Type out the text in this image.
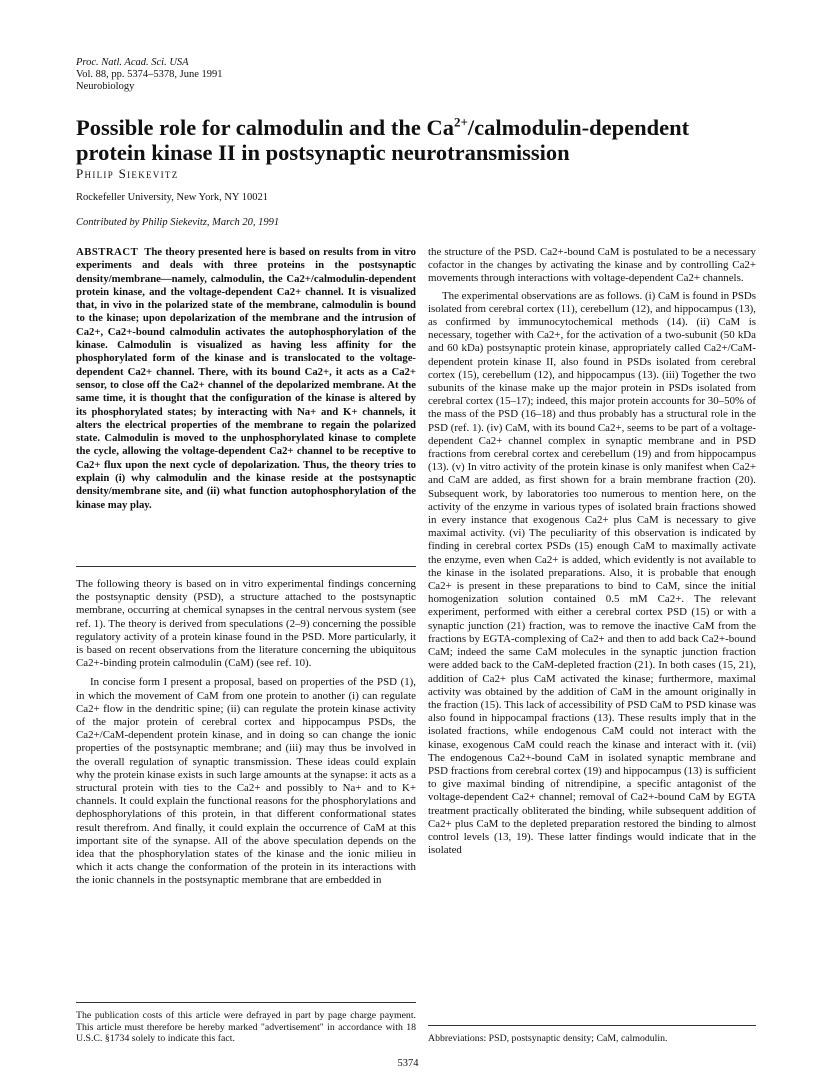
Proc. Natl. Acad. Sci. USA
Vol. 88, pp. 5374–5378, June 1991
Neurobiology
Possible role for calmodulin and the $Ca^{2+}/calmodulin$-dependent protein kinase II in postsynaptic neurotransmission
Philip Siekevitz
Rockefeller University, New York, NY 10021
Contributed by Philip Siekevitz, March 20, 1991
ABSTRACT The theory presented here is based on results from in vitro experiments and deals with three proteins in the postsynaptic density/membrane—namely, calmodulin, the Ca2+/calmodulin-dependent protein kinase, and the voltage-dependent Ca2+ channel. It is visualized that, in vivo in the polarized state of the membrane, calmodulin is bound to the kinase; upon depolarization of the membrane and the intrusion of Ca2+, Ca2+-bound calmodulin activates the autophosphorylation of the kinase. Calmodulin is visualized as having less affinity for the phosphorylated form of the kinase and is translocated to the voltage-dependent Ca2+ channel. There, with its bound Ca2+, it acts as a Ca2+ sensor, to close off the Ca2+ channel of the depolarized membrane. At the same time, it is thought that the configuration of the kinase is altered by its phosphorylated states; by interacting with Na+ and K+ channels, it alters the electrical properties of the membrane to regain the polarized state. Calmodulin is moved to the unphosphorylated kinase to complete the cycle, allowing the voltage-dependent Ca2+ channel to be receptive to Ca2+ flux upon the next cycle of depolarization. Thus, the theory tries to explain (i) why calmodulin and the kinase reside at the postsynaptic density/membrane site, and (ii) what function autophosphorylation of the kinase may play.

The following theory is based on in vitro experimental findings concerning the postsynaptic density (PSD), a structure attached to the postsynaptic membrane, occurring at chemical synapses in the central nervous system (see ref. 1). The theory is derived from speculations (2–9) concerning the possible regulatory activity of a protein kinase found in the PSD. More particularly, it is based on recent observations from the literature concerning the ubiquitous Ca2+-binding protein calmodulin (CaM) (see ref. 10).

In concise form I present a proposal, based on properties of the PSD (1), in which the movement of CaM from one protein to another (i) can regulate Ca2+ flow in the dendritic spine; (ii) can regulate the protein kinase activity of the major protein of cerebral cortex and hippocampus PSDs, the Ca2+/CaM-dependent protein kinase, and in doing so can change the ionic properties of the postsynaptic membrane; and (iii) may thus be involved in the overall regulation of synaptic transmission. These ideas could explain why the protein kinase exists in such large amounts at the synapse: it acts as a structural protein with ties to the Ca2+ and possibly to Na+ and to K+ channels. It could explain the functional reasons for the phosphorylations and dephosphorylations of this protein, in that different conformational states result therefrom. And finally, it could explain the occurrence of CaM at this important site of the synapse. All of the above speculation depends on the idea that the phosphorylation states of the kinase and the ionic milieu in which it acts change the conformation of the protein in its interactions with the ionic channels in the postsynaptic membrane that are embedded in

the structure of the PSD. Ca2+-bound CaM is postulated to be a necessary cofactor in the changes by activating the kinase and by controlling Ca2+ movements through interactions with voltage-dependent Ca2+ channels.

The experimental observations are as follows. (i) CaM is found in PSDs isolated from cerebral cortex (11), cerebellum (12), and hippocampus (13), as confirmed by immunocytochemical methods (14). (ii) CaM is necessary, together with Ca2+, for the activation of a two-subunit (50 kDa and 60 kDa) postsynaptic protein kinase, appropriately called Ca2+/CaM-dependent protein kinase II, also found in PSDs isolated from cerebral cortex (15), cerebellum (12), and hippocampus (13). (iii) Together the two subunits of the kinase make up the major protein in PSDs isolated from cerebral cortex (15–17); indeed, this major protein accounts for 30–50% of the mass of the PSD (16–18) and thus probably has a structural role in the PSD (ref. 1). (iv) CaM, with its bound Ca2+, seems to be part of a voltage-dependent Ca2+ channel complex in synaptic membrane and in PSD fractions from cerebral cortex and cerebellum (19) and from hippocampus (13). (v) In vitro activity of the protein kinase is only manifest when Ca2+ and CaM are added, as first shown for a brain membrane fraction (20). Subsequent work, by laboratories too numerous to mention here, on the activity of the enzyme in various types of isolated brain fractions showed in every instance that exogenous Ca2+ plus CaM is necessary to give maximal activity. (vi) The peculiarity of this observation is indicated by finding in cerebral cortex PSDs (15) enough CaM to maximally activate the enzyme, even when Ca2+ is added, which evidently is not available to the kinase in the isolated preparations. Also, it is probable that enough Ca2+ is present in these preparations to bind to CaM, since the initial homogenization solution contained 0.5 mM Ca2+. The relevant experiment, performed with either a cerebral cortex PSD (15) or with a synaptic junction (21) fraction, was to remove the inactive CaM from the fractions by EGTA-complexing of Ca2+ and then to add back Ca2+-bound CaM; indeed the same CaM molecules in the synaptic junction fraction were added back to the CaM-depleted fraction (21). In both cases (15, 21), addition of Ca2+ plus CaM activated the kinase; furthermore, maximal activity was obtained by the addition of CaM in the amount originally in the fraction (15). This lack of accessibility of PSD CaM to PSD kinase was also found in hippocampal fractions (13). These results imply that in the isolated fractions, while endogenous CaM could not interact with the kinase, exogenous CaM could reach the kinase and interact with it. (vii) The endogenous Ca2+-bound CaM in isolated synaptic membrane and PSD fractions from cerebral cortex (19) and hippocampus (13) is sufficient to give maximal binding of nitrendipine, a specific antagonist of the voltage-dependent Ca2+ channel; removal of Ca2+-bound CaM by EGTA treatment practically obliterated the binding, while subsequent addition of Ca2+ plus CaM to the depleted preparation restored the binding to almost control levels (13, 19). These latter findings would indicate that in the isolated

The publication costs of this article were defrayed in part by page charge payment. This article must therefore be hereby marked "advertisement" in accordance with 18 U.S.C. §1734 solely to indicate this fact.	Abbreviations: PSD, postsynaptic density; CaM, calmodulin.
5374
